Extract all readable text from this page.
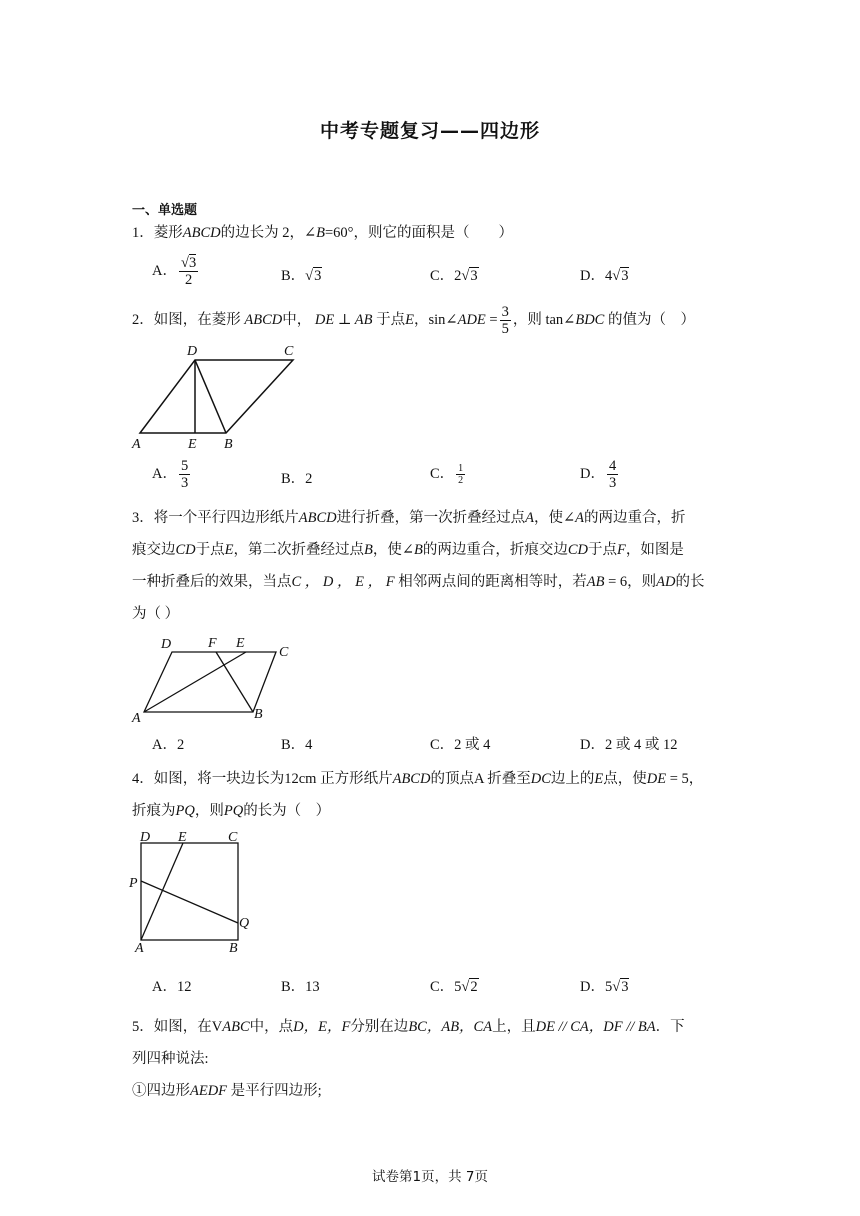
中考专题复习——四边形
一、单选题
1．菱形ABCD的边长为 2，∠B=60°，则它的面积是（　　）
A． $\frac{√3}{2}$	B．√3	C．2√3	D．4√3
2．如图，在菱形 ABCD中， DE ⊥ AB 于点E，sin∠ADE = $\frac{3}{5}$ ，则 tan∠BDC 的值为（　）
D	C
A	E B
A． $\frac{5}{3}$	B．2	C． $\frac{1}{2}$	D． $\frac{4}{3}$
3．将一个平行四边形纸片ABCD进行折叠，第一次折叠经过点A，使∠A的两边重合，折
痕交边CD于点E，第二次折叠经过点B，使∠B的两边重合，折痕交边CD于点F，如图是
一种折叠后的效果，当点C ， D ， E ， F 相邻两点间的距离相等时，若AB = 6，则AD的长
为（ ）
D	F E
C
A	B
A．2	B．4	C．2 或 4	D．2 或 4 或 12
4．如图，将一块边长为12cm 正方形纸片ABCD的顶点A 折叠至DC边上的E点，使DE = 5，
折痕为PQ，则PQ的长为（　）
D E	C
P
Q
A	B
A．12	B．13	C．5√2	D．5√3
5．如图，在VABC中，点D，E，F分别在边BC，AB，CA上，且DE // CA，DF // BA．下
列四种说法:
①四边形AEDF 是平行四边形;
试卷第1页，共 7页
